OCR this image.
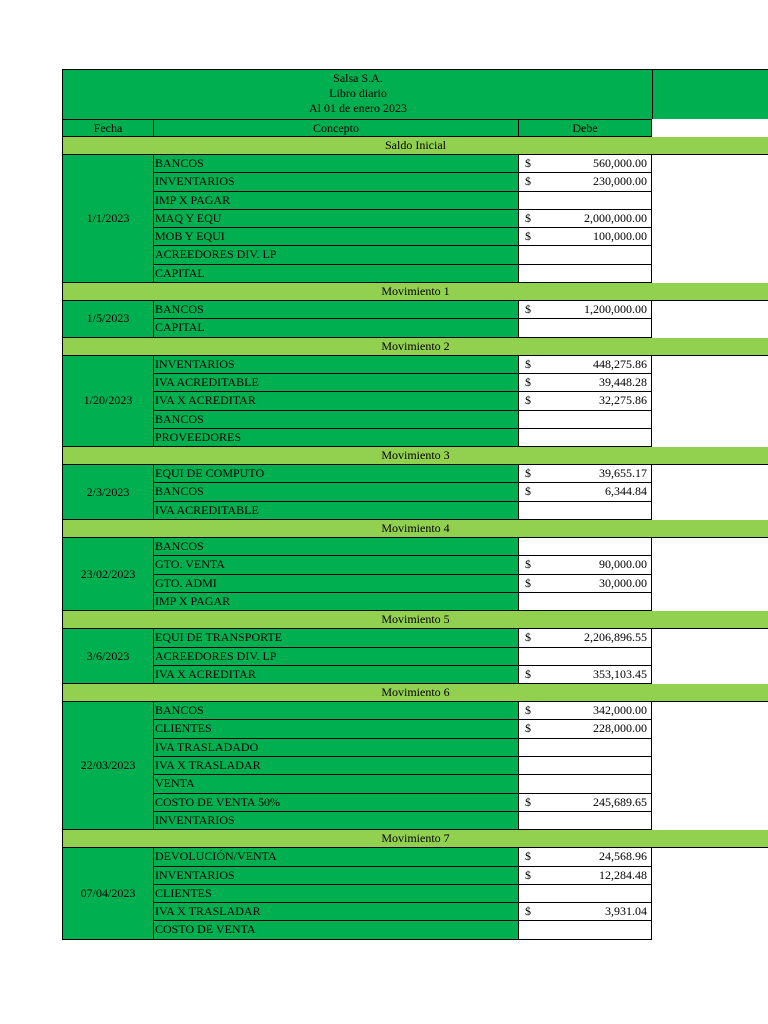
Salsa S.A.
Libro diario
Al 01 de enero 2023
Fecha	Concepto	Debe
Saldo Inicial
1/1/2023
BANCOS	$	560,000.00
INVENTARIOS	$	230,000.00
IMP X PAGAR
MAQ Y EQU	$	2,000,000.00
MOB Y EQUI	$	100,000.00
ACREEDORES DIV. LP
CAPITAL
Movimiento 1
1/5/2023
BANCOS	$	1,200,000.00
CAPITAL
Movimiento 2
1/20/2023
INVENTARIOS	$	448,275.86
IVA ACREDITABLE	$	39,448.28
IVA X ACREDITAR	$	32,275.86
BANCOS
PROVEEDORES
Movimiento 3
2/3/2023
EQUI DE COMPUTO	$	39,655.17
BANCOS	$	6,344.84
IVA ACREDITABLE
Movimiento 4
23/02/2023
BANCOS
GTO. VENTA	$	90,000.00
GTO. ADMI	$	30,000.00
IMP X PAGAR
Movimiento 5
3/6/2023
EQUI DE TRANSPORTE	$	2,206,896.55
ACREEDORES DIV. LP
IVA X ACREDITAR	$	353,103.45
Movimiento 6
22/03/2023
BANCOS	$	342,000.00
CLIENTES	$	228,000.00
IVA TRASLADADO
IVA X TRASLADAR
VENTA
COSTO DE VENTA 50%	$	245,689.65
INVENTARIOS
Movimiento 7
07/04/2023
DEVOLUCIÓN/VENTA	$	24,568.96
INVENTARIOS	$	12,284.48
CLIENTES
IVA X TRASLADAR	$	3,931.04
COSTO DE VENTA
